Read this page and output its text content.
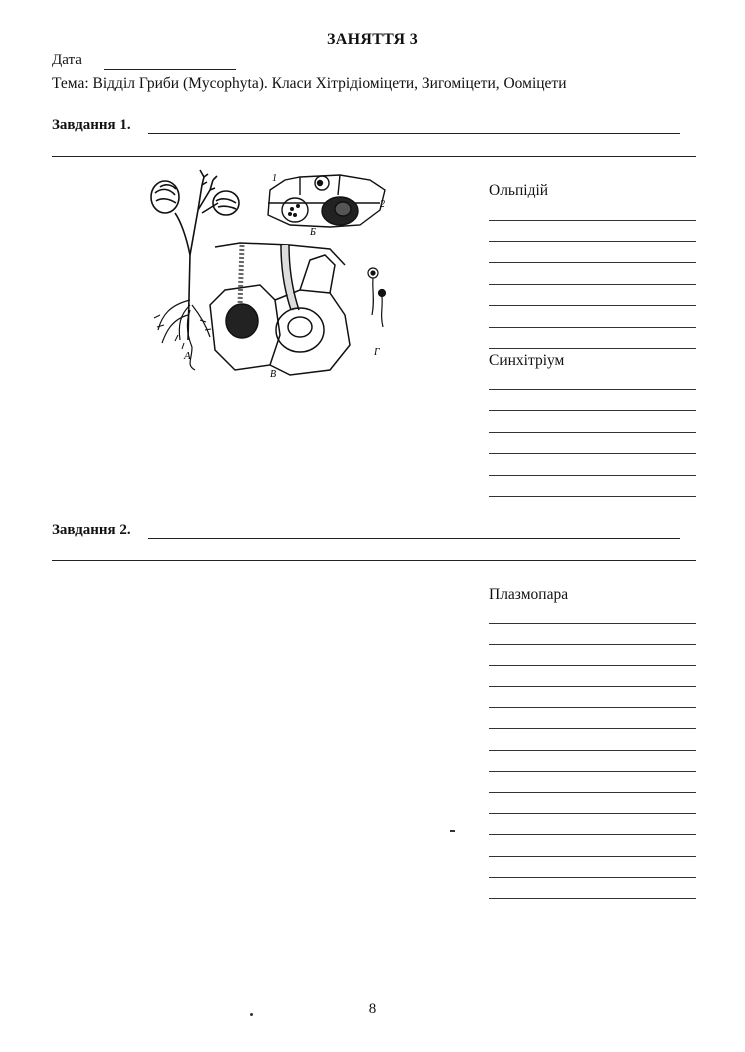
ЗАНЯТТЯ 3
Дата
Тема: Відділ Гриби (Mycophyta). Класи Хітрідіоміцети, Зигоміцети, Ооміцети
Завдання 1.
А
1
2
Б
В
Г
Ольпідій
Синхітріум
Завдання 2.
Плазмопара
8
